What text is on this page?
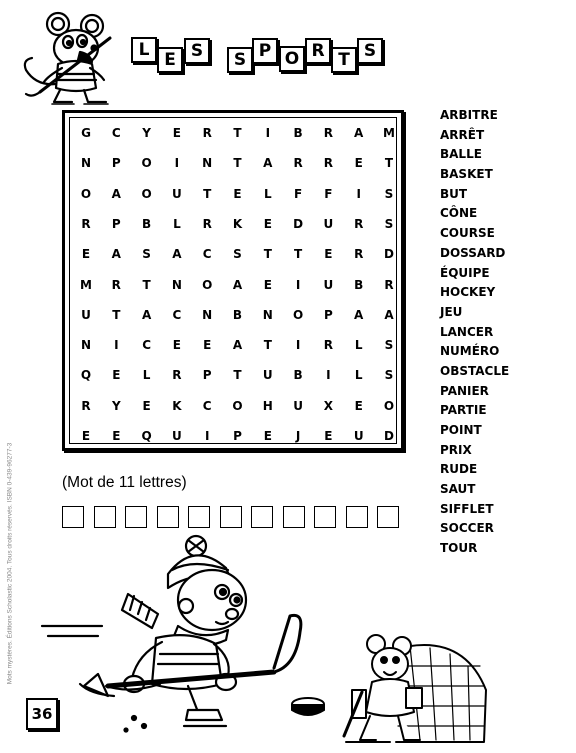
L E S	S P O R T S
G	C	Y	E	R	T	I	B	R	A	M
N	P	O	I	N	T	A	R	R	E	T
O	A	O	U	T	E	L	F	F	I	S
R	P	B	L	R	K	E	D	U	R	S
E	A	S	A	C	S	T	T	E	R	D
M	R	T	N	O	A	E	I	U	B	R
U	T	A	C	N	B	N	O	P	A	A
N	I	C	E	E	A	T	I	R	L	S
Q	E	L	R	P	T	U	B	I	L	S
R	Y	E	K	C	O	H	U	X	E	O
E	E	Q	U	I	P	E	J	E	U	D
ARBITRE
ARRÊT
BALLE
BASKET
BUT
CÔNE
COURSE
DOSSARD
ÉQUIPE
HOCKEY
JEU
LANCER
NUMÉRO
OBSTACLE
PANIER
PARTIE
POINT
PRIX
RUDE
SAUT
SIFFLET
SOCCER
TOUR
(Mot de 11 lettres)
36
Mots mystères. Éditions Scholastic 2004. Tous droits réservés. ISBN 0-439-96277-3
